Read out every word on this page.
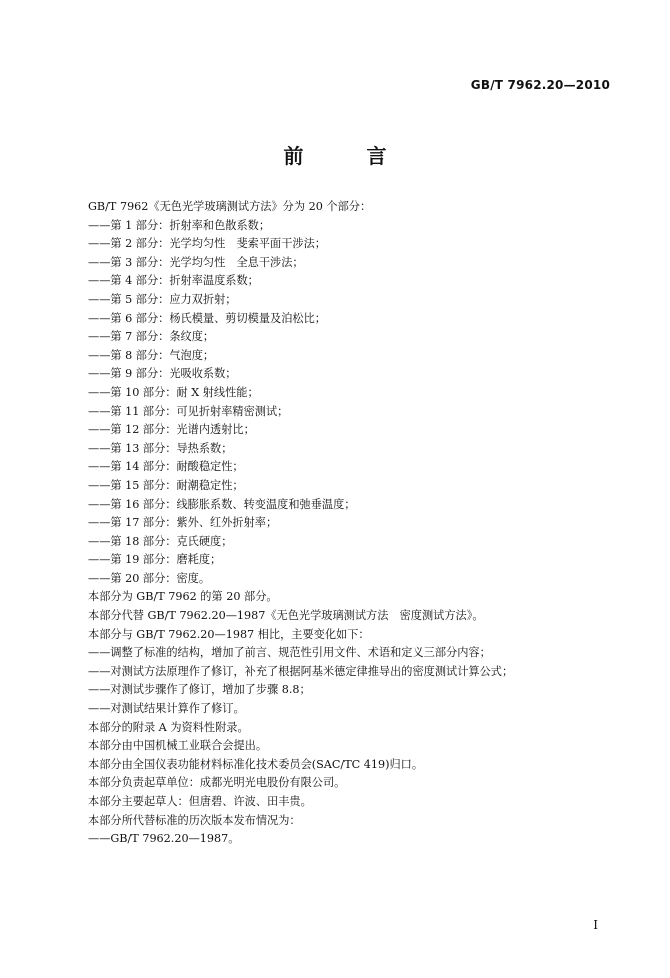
GB/T 7962.20—2010
前 言
GB/T 7962《无色光学玻璃测试方法》分为 20 个部分：
——第 1 部分：折射率和色散系数；
——第 2 部分：光学均匀性　斐索平面干涉法；
——第 3 部分：光学均匀性　全息干涉法；
——第 4 部分：折射率温度系数；
——第 5 部分：应力双折射；
——第 6 部分：杨氏模量、剪切模量及泊松比；
——第 7 部分：条纹度；
——第 8 部分：气泡度；
——第 9 部分：光吸收系数；
——第 10 部分：耐 X 射线性能；
——第 11 部分：可见折射率精密测试；
——第 12 部分：光谱内透射比；
——第 13 部分：导热系数；
——第 14 部分：耐酸稳定性；
——第 15 部分：耐潮稳定性；
——第 16 部分：线膨胀系数、转变温度和弛垂温度；
——第 17 部分：紫外、红外折射率；
——第 18 部分：克氏硬度；
——第 19 部分：磨耗度；
——第 20 部分：密度。
本部分为 GB/T 7962 的第 20 部分。
本部分代替 GB/T 7962.20—1987《无色光学玻璃测试方法　密度测试方法》。
本部分与 GB/T 7962.20—1987 相比，主要变化如下：
——调整了标准的结构，增加了前言、规范性引用文件、术语和定义三部分内容；
——对测试方法原理作了修订，补充了根据阿基米德定律推导出的密度测试计算公式；
——对测试步骤作了修订，增加了步骤 8.8；
——对测试结果计算作了修订。
本部分的附录 A 为资料性附录。
本部分由中国机械工业联合会提出。
本部分由全国仪表功能材料标准化技术委员会(SAC/TC 419)归口。
本部分负责起草单位：成都光明光电股份有限公司。
本部分主要起草人：但唐碧、许波、田丰贵。
本部分所代替标准的历次版本发布情况为：
——GB/T 7962.20—1987。
I
